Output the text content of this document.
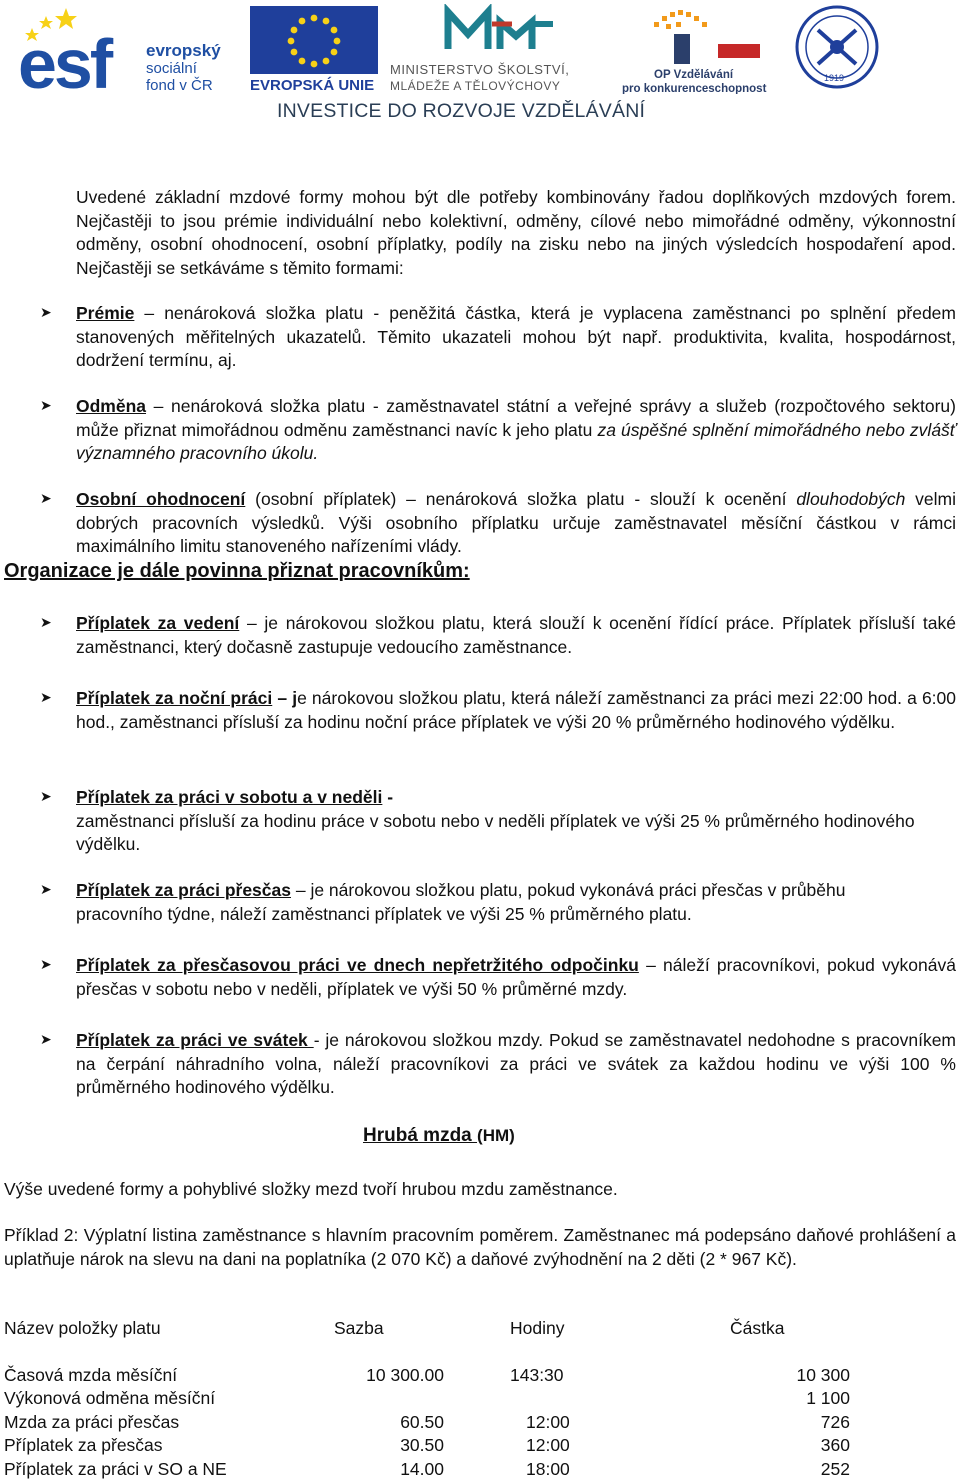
esf evropský
sociální
fond v ČR EVROPSKÁ UNIE
MINISTERSTVO ŠKOLSTVÍ,
MLÁDEŽE A TĚLOVÝCHOVY
OP Vzdělávání
pro konkurenceschopnost
1919
INVESTICE DO ROZVOJE VZDĚLÁVÁNÍ
Uvedené základní mzdové formy mohou být dle potřeby kombinovány řadou doplňkových mzdových forem. Nejčastěji to jsou prémie individuální nebo kolektivní, odměny, cílové nebo mimořádné odměny, výkonnostní odměny, osobní ohodnocení, osobní příplatky, podíly na zisku nebo na jiných výsledcích hospodaření apod. Nejčastěji se setkáváme s těmito formami:
➤ Prémie – nenároková složka platu - peněžitá částka, která je vyplacena zaměstnanci po splnění předem stanovených měřitelných ukazatelů. Těmito ukazateli mohou být např. produktivita, kvalita, hospodárnost, dodržení termínu, aj.
➤ Odměna – nenároková složka platu - zaměstnavatel státní a veřejné správy a služeb (rozpočtového sektoru) může přiznat mimořádnou odměnu zaměstnanci navíc k jeho platu za úspěšné splnění mimořádného nebo zvlášť významného pracovního úkolu.
➤ Osobní ohodnocení (osobní příplatek) – nenároková složka platu - slouží k ocenění dlouhodobých velmi dobrých pracovních výsledků. Výši osobního příplatku určuje zaměstnavatel měsíční částkou v rámci maximálního limitu stanoveného nařízeními vlády.
Organizace je dále povinna přiznat pracovníkům:
➤ Příplatek za vedení – je nárokovou složkou platu, která slouží k ocenění řídící práce. Příplatek přísluší také zaměstnanci, který dočasně zastupuje vedoucího zaměstnance.
➤ Příplatek za noční práci – je nárokovou složkou platu, která náleží zaměstnanci za práci mezi 22:00 hod. a 6:00 hod., zaměstnanci přísluší za hodinu noční práce příplatek ve výši 20 % průměrného hodinového výdělku.
➤ Příplatek za práci v sobotu a v neděli -
zaměstnanci přísluší za hodinu práce v sobotu nebo v neděli příplatek ve výši 25 % průměrného hodinového výdělku.
➤ Příplatek za práci přesčas – je nárokovou složkou platu, pokud vykonává práci přesčas v průběhu pracovního týdne, náleží zaměstnanci příplatek ve výši 25 % průměrného platu.
➤ Příplatek za přesčasovou práci ve dnech nepřetržitého odpočinku – náleží pracovníkovi, pokud vykonává přesčas v sobotu nebo v neděli, příplatek ve výši 50 % průměrné mzdy.
➤ Příplatek za práci ve svátek - je nárokovou složkou mzdy. Pokud se zaměstnavatel nedohodne s pracovníkem na čerpání náhradního volna, náleží pracovníkovi za práci ve svátek za každou hodinu ve výši 100 % průměrného hodinového výdělku.
Hrubá mzda (HM)
Výše uvedené formy a pohyblivé složky mezd tvoří hrubou mzdu zaměstnance.
Příklad 2: Výplatní listina zaměstnance s hlavním pracovním poměrem. Zaměstnanec má podepsáno daňové prohlášení a uplatňuje nárok na slevu na dani na poplatníka (2 070 Kč) a daňové zvýhodnění na 2 děti (2 * 967 Kč).
Název položky platu	Sazba	Hodiny	Částka

Časová mzda měsíční	10 300.00	143:30	10 300
Výkonová odměna měsíční			1 100
Mzda za práci přesčas	60.50	12:00	726
Příplatek za přesčas	30.50	12:00	360
Příplatek za práci v SO a NE	14.00	18:00	252
